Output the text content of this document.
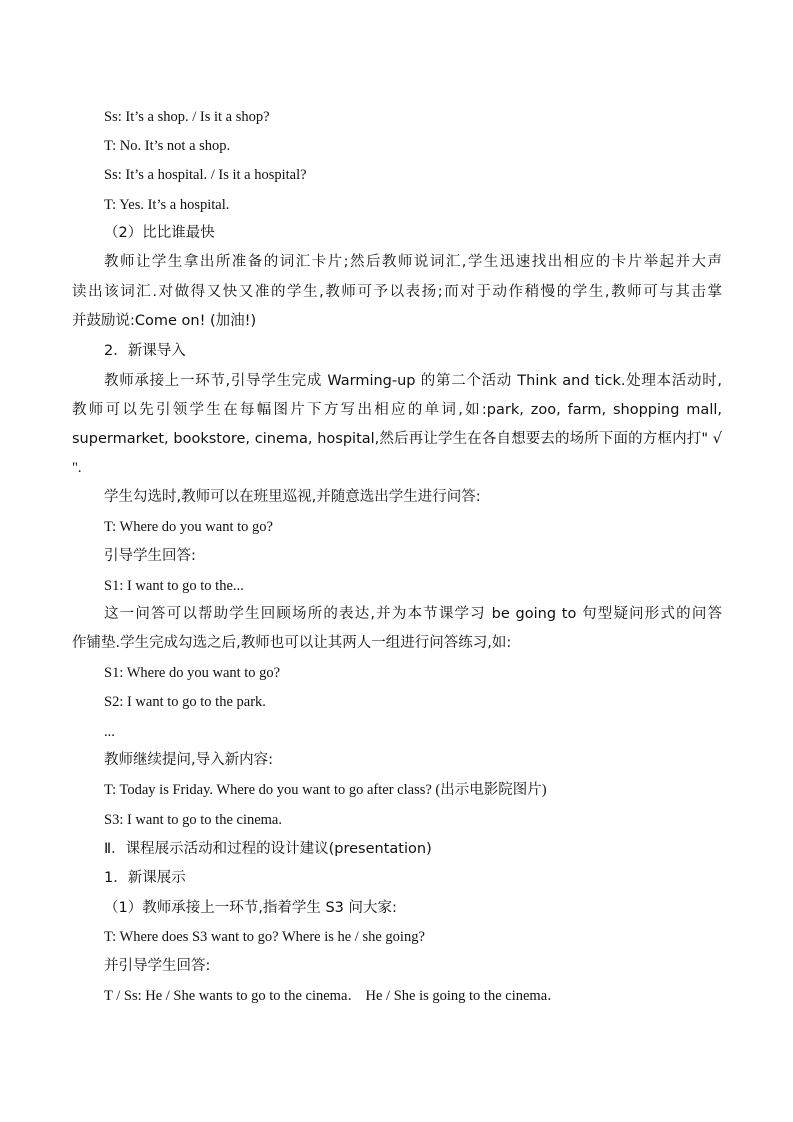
Ss: It’s a shop. / Is it a shop?

T: No. It’s not a shop.

Ss: It’s a hospital. / Is it a hospital?

T: Yes. It’s a hospital.

（2）比比谁最快

教师让学生拿出所准备的词汇卡片;然后教师说词汇,学生迅速找出相应的卡片举起并大声

读出该词汇.对做得又快又准的学生,教师可予以表扬;而对于动作稍慢的学生,教师可与其击掌

并鼓励说:Come on! (加油!)

2．新课导入

教师承接上一环节,引导学生完成 Warming-up 的第二个活动 Think and tick.处理本活动时,

教师可以先引领学生在每幅图片下方写出相应的单词,如:park, zoo, farm, shopping mall,

supermarket, bookstore, cinema, hospital,然后再让学生在各自想要去的场所下面的方框内打" √

".

学生勾选时,教师可以在班里巡视,并随意选出学生进行问答:

T: Where do you want to go?

引导学生回答:

S1: I want to go to the...

这一问答可以帮助学生回顾场所的表达,并为本节课学习 be going to 句型疑问形式的问答

作铺垫.学生完成勾选之后,教师也可以让其两人一组进行问答练习,如:

S1: Where do you want to go?

S2: I want to go to the park.

...

教师继续提问,导入新内容:

T: Today is Friday. Where do you want to go after class? (出示电影院图片)

S3: I want to go to the cinema.

Ⅱ．课程展示活动和过程的设计建议(presentation)

1．新课展示

（1）教师承接上一环节,指着学生 S3 问大家:

T: Where does S3 want to go? Where is he / she going?

并引导学生回答:

T / Ss: He / She wants to go to the cinema． He / She is going to the cinema．
